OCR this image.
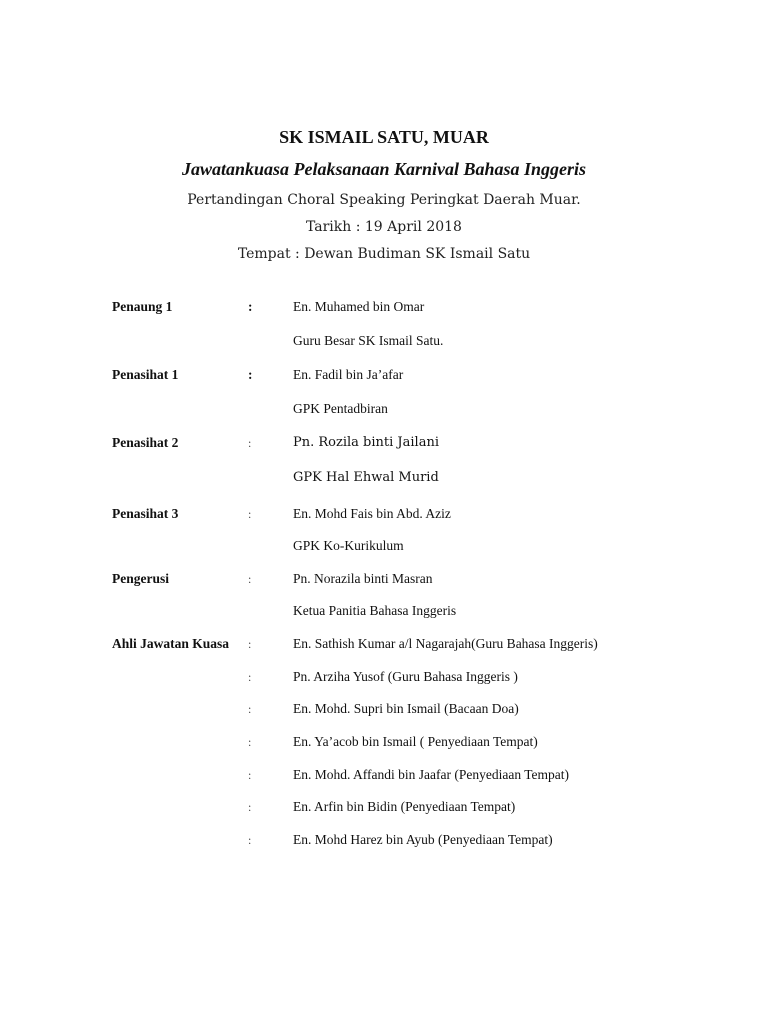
SK ISMAIL SATU, MUAR
Jawatankuasa Pelaksanaan Karnival Bahasa Inggeris
Pertandingan Choral Speaking Peringkat Daerah Muar.
Tarikh : 19 April 2018
Tempat : Dewan Budiman SK Ismail Satu
Penaung 1	:	En. Muhamed bin Omar
Guru Besar SK Ismail Satu.
Penasihat 1	:	En. Fadil bin Ja’afar
GPK Pentadbiran
Penasihat 2	:	Pn. Rozila binti Jailani
GPK Hal Ehwal Murid
Penasihat 3	:	En. Mohd Fais bin Abd. Aziz
GPK Ko-Kurikulum
Pengerusi	:	Pn. Norazila binti Masran
Ketua Panitia Bahasa Inggeris
Ahli Jawatan Kuasa :	En. Sathish Kumar a/l Nagarajah(Guru Bahasa Inggeris)
:	Pn. Arziha Yusof (Guru Bahasa Inggeris )
:	En. Mohd. Supri bin Ismail (Bacaan Doa)
:	En. Ya’acob bin Ismail ( Penyediaan Tempat)
:	En. Mohd. Affandi bin Jaafar (Penyediaan Tempat)
:	En. Arfin bin Bidin (Penyediaan Tempat)
:	En. Mohd Harez bin Ayub (Penyediaan Tempat)
